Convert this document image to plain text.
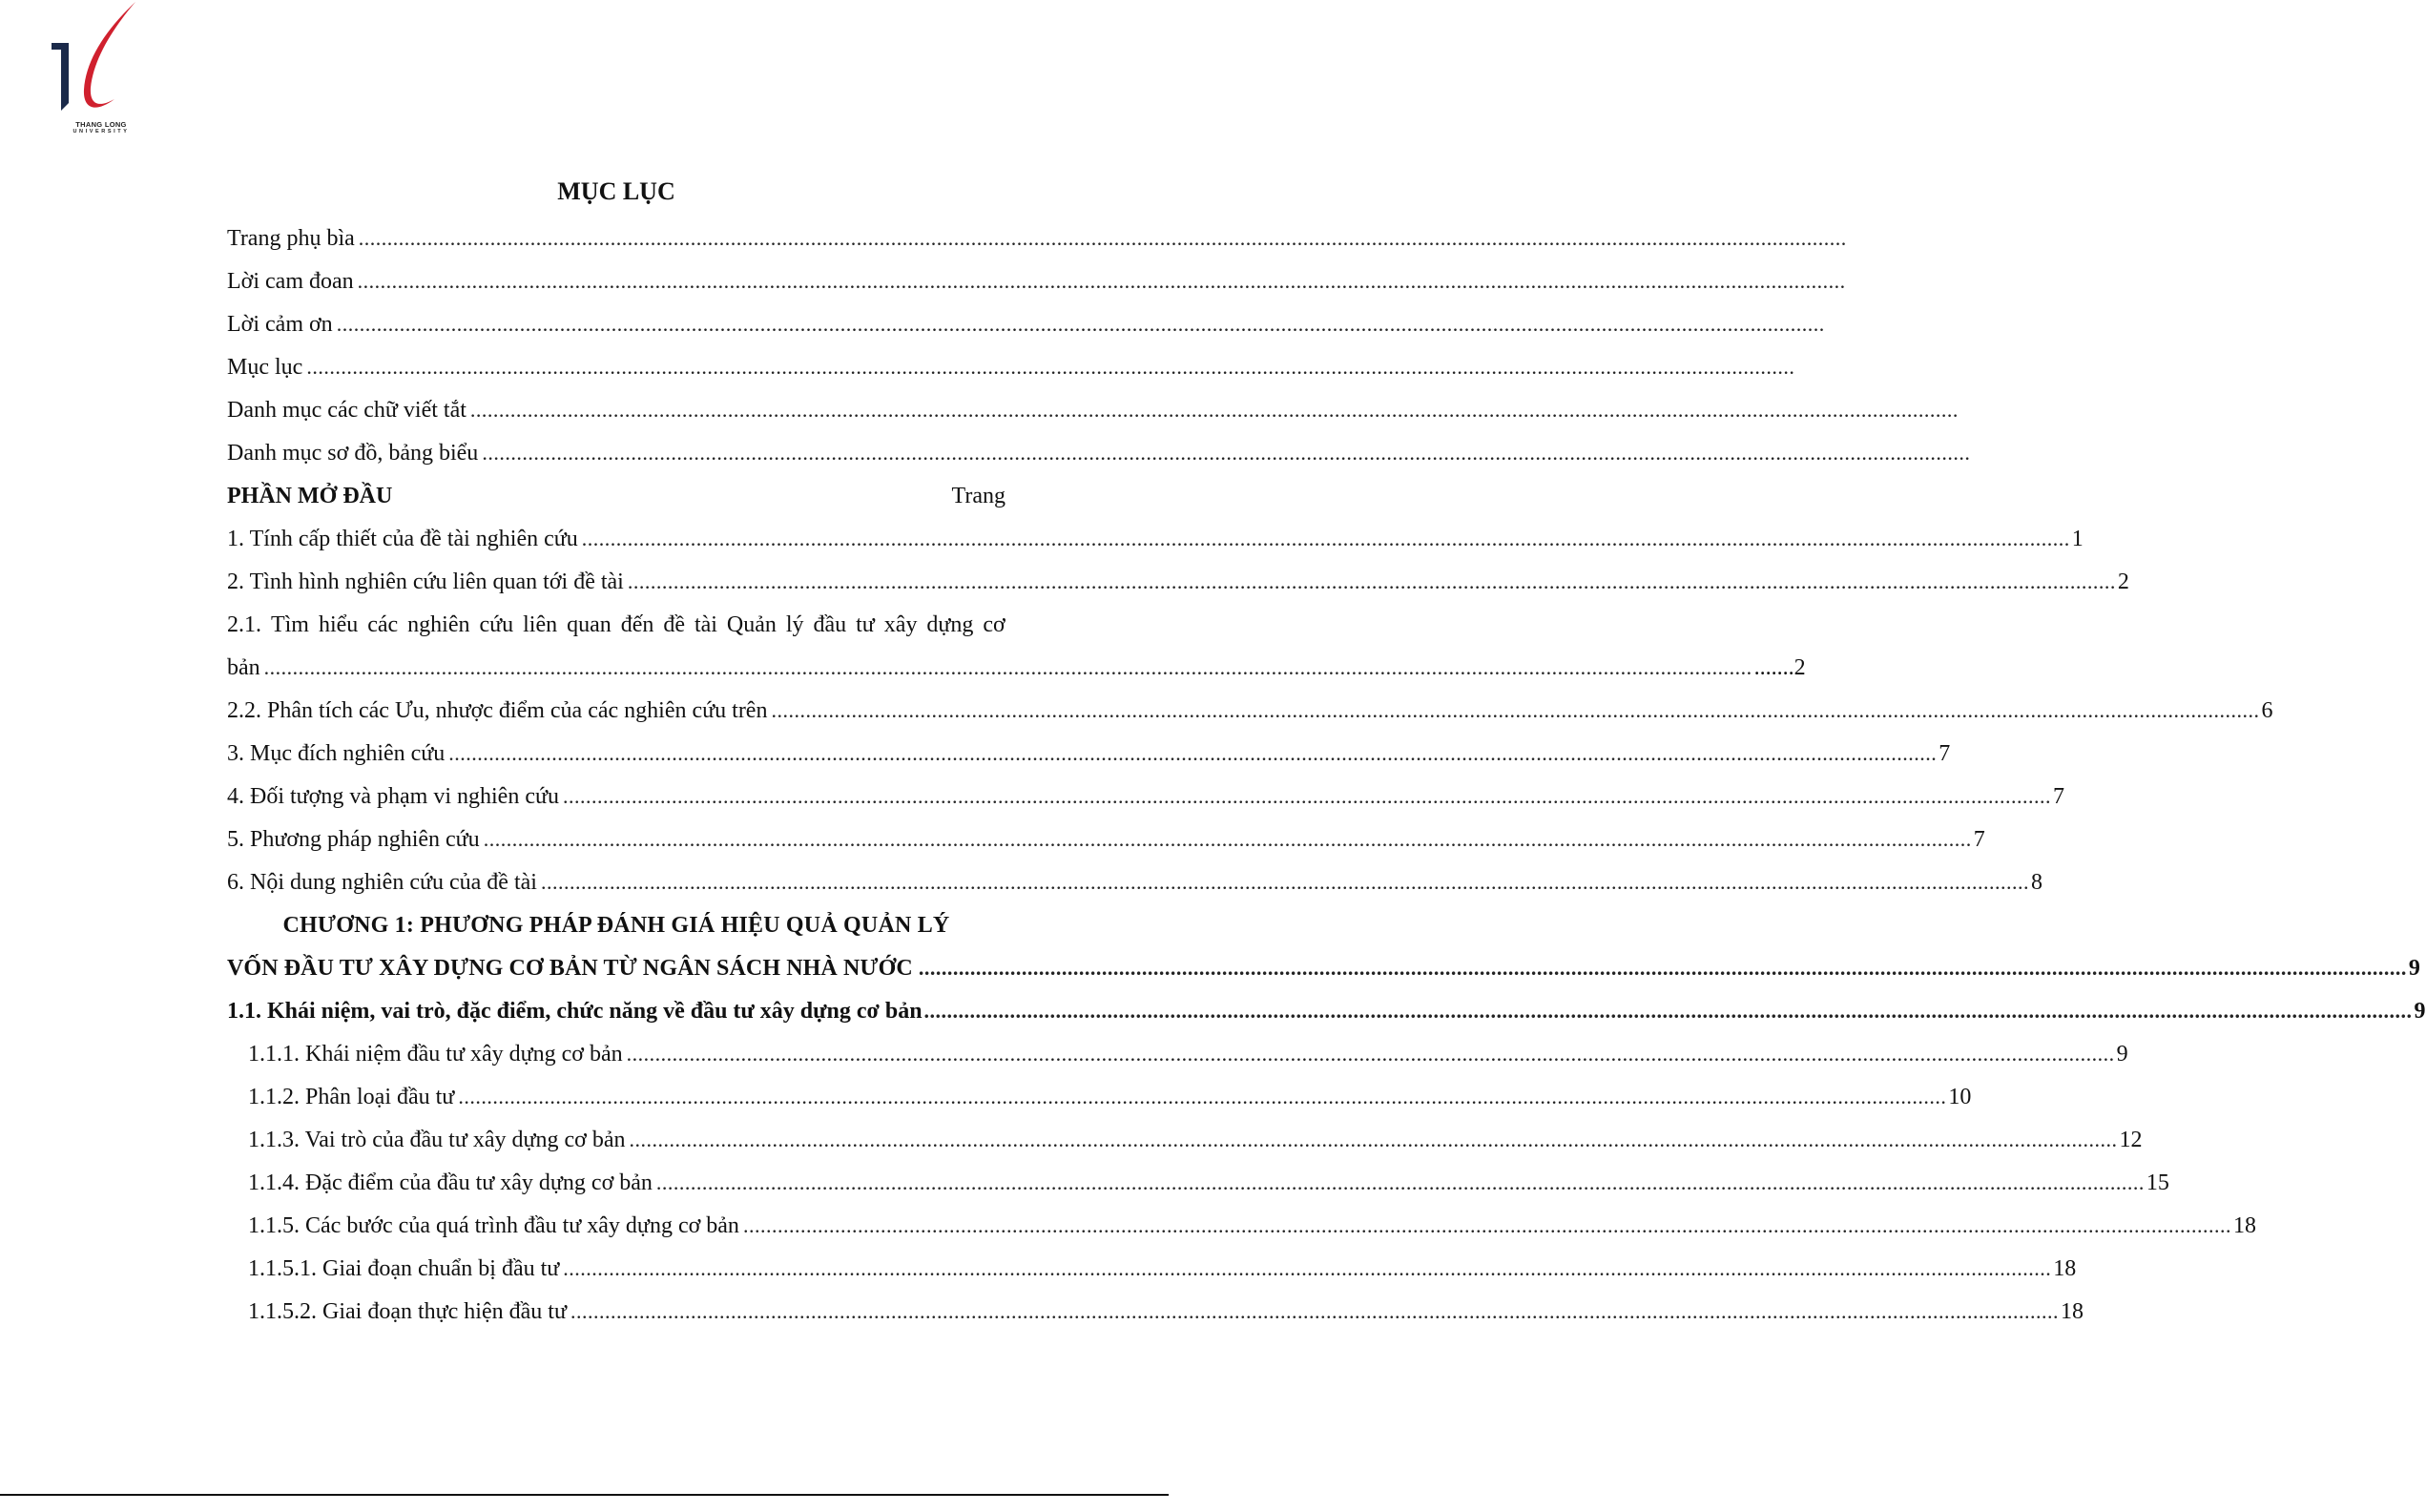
THANG LONG
UNIVERSITY
MỤC LỤC
Trang phụ bìa ....................................................................................................................................................................................................................................................................
Lời cam đoan ....................................................................................................................................................................................................................................................................
Lời cảm ơn ....................................................................................................................................................................................................................................................................
Mục lục ....................................................................................................................................................................................................................................................................
Danh mục các chữ viết tắt ....................................................................................................................................................................................................................................................................
Danh mục sơ đồ, bảng biểu ....................................................................................................................................................................................................................................................................
PHẦN MỞ ĐẦU	Trang
1. Tính cấp thiết của đề tài nghiên cứu .................................................................................................................................................................................................................................................................... 1
2. Tình hình nghiên cứu liên quan tới đề tài .................................................................................................................................................................................................................................................................... 2
2.1. Tìm hiểu các nghiên cứu liên quan đến đề tài Quản lý đầu tư xây dựng cơ
bản .................................................................................................................................................................................................................................................................... .......2
2.2. Phân tích các Ưu, nhược điểm của các nghiên cứu trên .................................................................................................................................................................................................................................................................... 6
3. Mục đích nghiên cứu .................................................................................................................................................................................................................................................................... 7
4. Đối tượng và phạm vi nghiên cứu .................................................................................................................................................................................................................................................................... 7
5. Phương pháp nghiên cứu .................................................................................................................................................................................................................................................................... 7
6. Nội dung nghiên cứu của đề tài .................................................................................................................................................................................................................................................................... 8
CHƯƠNG 1: PHƯƠNG PHÁP ĐÁNH GIÁ HIỆU QUẢ QUẢN LÝ
VỐN ĐẦU TƯ XÂY DỰNG CƠ BẢN TỪ NGÂN SÁCH NHÀ NƯỚC .................................................................................................................................................................................................................................................................... 9
1.1. Khái niệm, vai trò, đặc điểm, chức năng về đầu tư xây dựng cơ bản .................................................................................................................................................................................................................................................................... 9
1.1.1. Khái niệm đầu tư xây dựng cơ bản .................................................................................................................................................................................................................................................................... 9
1.1.2. Phân loại đầu tư .................................................................................................................................................................................................................................................................... 10
1.1.3. Vai trò của đầu tư xây dựng cơ bản .................................................................................................................................................................................................................................................................... 12
1.1.4. Đặc điểm của đầu tư xây dựng cơ bản .................................................................................................................................................................................................................................................................... 15
1.1.5. Các bước của quá trình đầu tư xây dựng cơ bản .................................................................................................................................................................................................................................................................... 18
1.1.5.1. Giai đoạn chuẩn bị đầu tư .................................................................................................................................................................................................................................................................... 18
1.1.5.2. Giai đoạn thực hiện đầu tư .................................................................................................................................................................................................................................................................... 18
